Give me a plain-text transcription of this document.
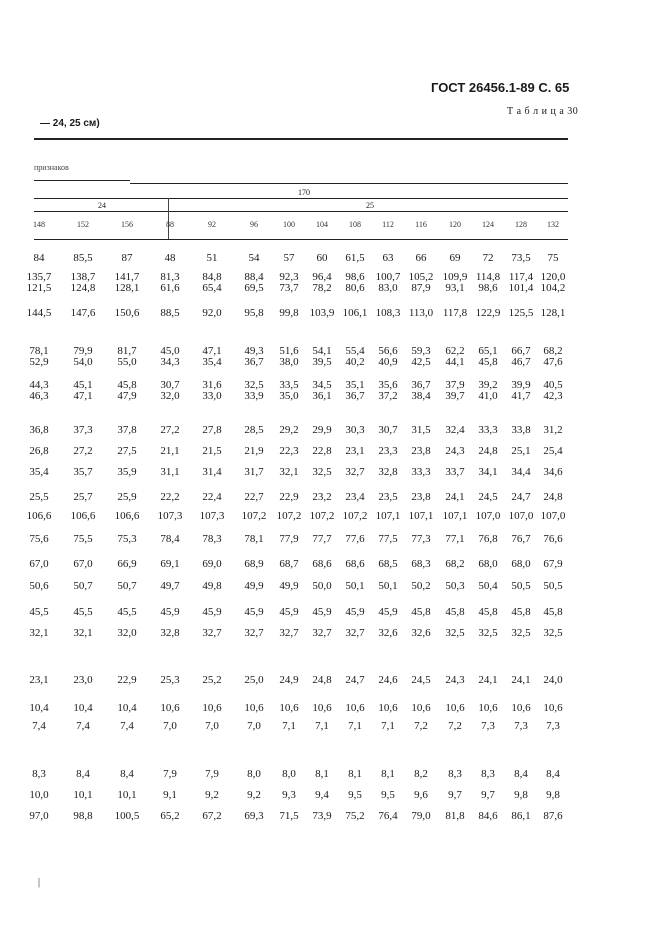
ГОСТ 26456.1-89 С. 65
Т а б л и ц а 30
— 24, 25 см)
признаков
170
24	25
148	152	156	88	92	96	100	104	108	112	116	120	124	128	132
84	85,5	87	48	51	54	57	60	61,5	63	66	69	72	73,5	75
135,7	138,7	141,7	81,3	84,8	88,4	92,3	96,4	98,6	100,7 105,2 109,9 114,8 117,4 120,0
121,5	124,8	128,1	61,6	65,4	69,5	73,7	78,2	80,6	83,0	87,9	93,1	98,6	101,4 104,2
144,5	147,6	150,6	88,5	92,0	95,8	99,8	103,9 106,1 108,3 113,0 117,8 122,9 125,5 128,1
78,1	79,9	81,7	45,0	47,1	49,3	51,6	54,1	55,4	56,6	59,3	62,2	65,1	66,7	68,2
52,9	54,0	55,0	34,3	35,4	36,7	38,0	39,5	40,2	40,9	42,5	44,1	45,8	46,7	47,6
44,3	45,1	45,8	30,7	31,6	32,5	33,5	34,5	35,1	35,6	36,7	37,9	39,2	39,9	40,5
46,3	47,1	47,9	32,0	33,0	33,9	35,0	36,1	36,7	37,2	38,4	39,7	41,0	41,7	42,3
36,8	37,3	37,8	27,2	27,8	28,5	29,2	29,9	30,3	30,7	31,5	32,4	33,3	33,8	31,2
26,8	27,2	27,5	21,1	21,5	21,9	22,3	22,8	23,1	23,3	23,8	24,3	24,8	25,1	25,4
35,4	35,7	35,9	31,1	31,4	31,7	32,1	32,5	32,7	32,8	33,3	33,7	34,1	34,4	34,6
25,5	25,7	25,9	22,2	22,4	22,7	22,9	23,2	23,4	23,5	23,8	24,1	24,5	24,7	24,8
106,6	106,6	106,6	107,3	107,3	107,2 107,2 107,2 107,2 107,1 107,1 107,1 107,0 107,0 107,0
75,6	75,5	75,3	78,4	78,3	78,1	77,9	77,7	77,6	77,5	77,3	77,1	76,8	76,7	76,6
67,0	67,0	66,9	69,1	69,0	68,9	68,7	68,6	68,6	68,5	68,3	68,2	68,0	68,0	67,9
50,6	50,7	50,7	49,7	49,8	49,9	49,9	50,0	50,1	50,1	50,2	50,3	50,4	50,5	50,5
45,5	45,5	45,5	45,9	45,9	45,9	45,9	45,9	45,9	45,9	45,8	45,8	45,8	45,8	45,8
32,1	32,1	32,0	32,8	32,7	32,7	32,7	32,7	32,7	32,6	32,6	32,5	32,5	32,5	32,5
23,1	23,0	22,9	25,3	25,2	25,0	24,9	24,8	24,7	24,6	24,5	24,3	24,1	24,1	24,0
10,4	10,4	10,4	10,6	10,6	10,6	10,6	10,6	10,6	10,6	10,6	10,6	10,6	10,6	10,6
7,4	7,4	7,4	7,0	7,0	7,0	7,1	7,1	7,1	7,1	7,2	7,2	7,3	7,3	7,3
8,3	8,4	8,4	7,9	7,9	8,0	8,0	8,1	8,1	8,1	8,2	8,3	8,3	8,4	8,4
10,0	10,1	10,1	9,1	9,2	9,2	9,3	9,4	9,5	9,5	9,6	9,7	9,7	9,8	9,8
97,0	98,8	100,5	65,2	67,2	69,3	71,5	73,9	75,2	76,4	79,0	81,8	84,6	86,1	87,6
|
